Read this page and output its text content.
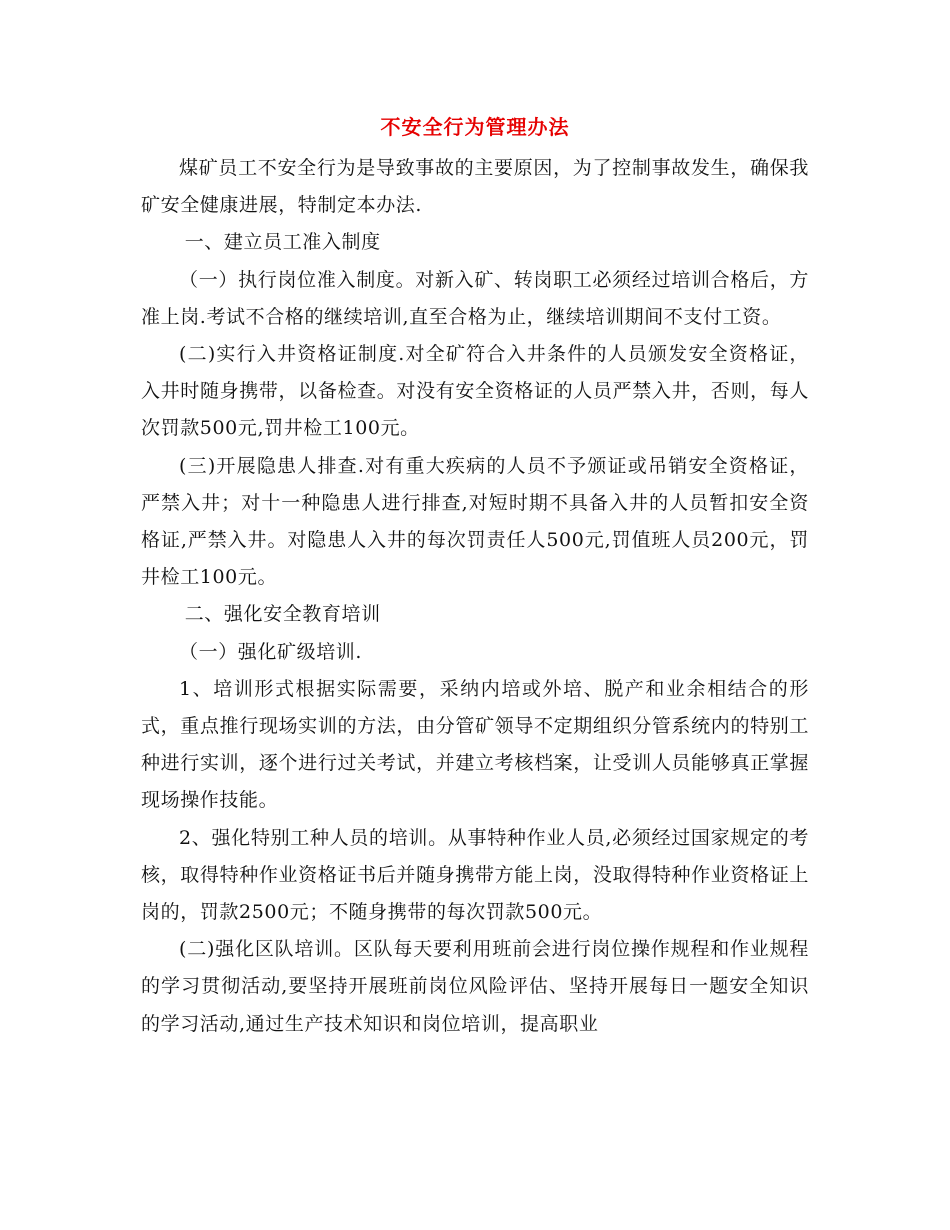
不安全行为管理办法

煤矿员工不安全行为是导致事故的主要原因，为了控制事故发生，确保我矿安全健康进展，特制定本办法.

一、建立员工准入制度

（一）执行岗位准入制度。对新入矿、转岗职工必须经过培训合格后，方准上岗.考试不合格的继续培训,直至合格为止，继续培训期间不支付工资。

(二)实行入井资格证制度.对全矿符合入井条件的人员颁发安全资格证，入井时随身携带，以备检查。对没有安全资格证的人员严禁入井，否则，每人次罚款500元,罚井检工100元。

(三)开展隐患人排查.对有重大疾病的人员不予颁证或吊销安全资格证，严禁入井；对十一种隐患人进行排查,对短时期不具备入井的人员暂扣安全资格证,严禁入井。对隐患人入井的每次罚责任人500元,罚值班人员200元，罚井检工100元。

二、强化安全教育培训

（一）强化矿级培训.

1、培训形式根据实际需要，采纳内培或外培、脱产和业余相结合的形式，重点推行现场实训的方法，由分管矿领导不定期组织分管系统内的特别工种进行实训，逐个进行过关考试，并建立考核档案，让受训人员能够真正掌握现场操作技能。

2、强化特别工种人员的培训。从事特种作业人员,必须经过国家规定的考核，取得特种作业资格证书后并随身携带方能上岗，没取得特种作业资格证上岗的，罚款2500元；不随身携带的每次罚款500元。

(二)强化区队培训。区队每天要利用班前会进行岗位操作规程和作业规程的学习贯彻活动,要坚持开展班前岗位风险评估、坚持开展每日一题安全知识的学习活动,通过生产技术知识和岗位培训，提高职业
